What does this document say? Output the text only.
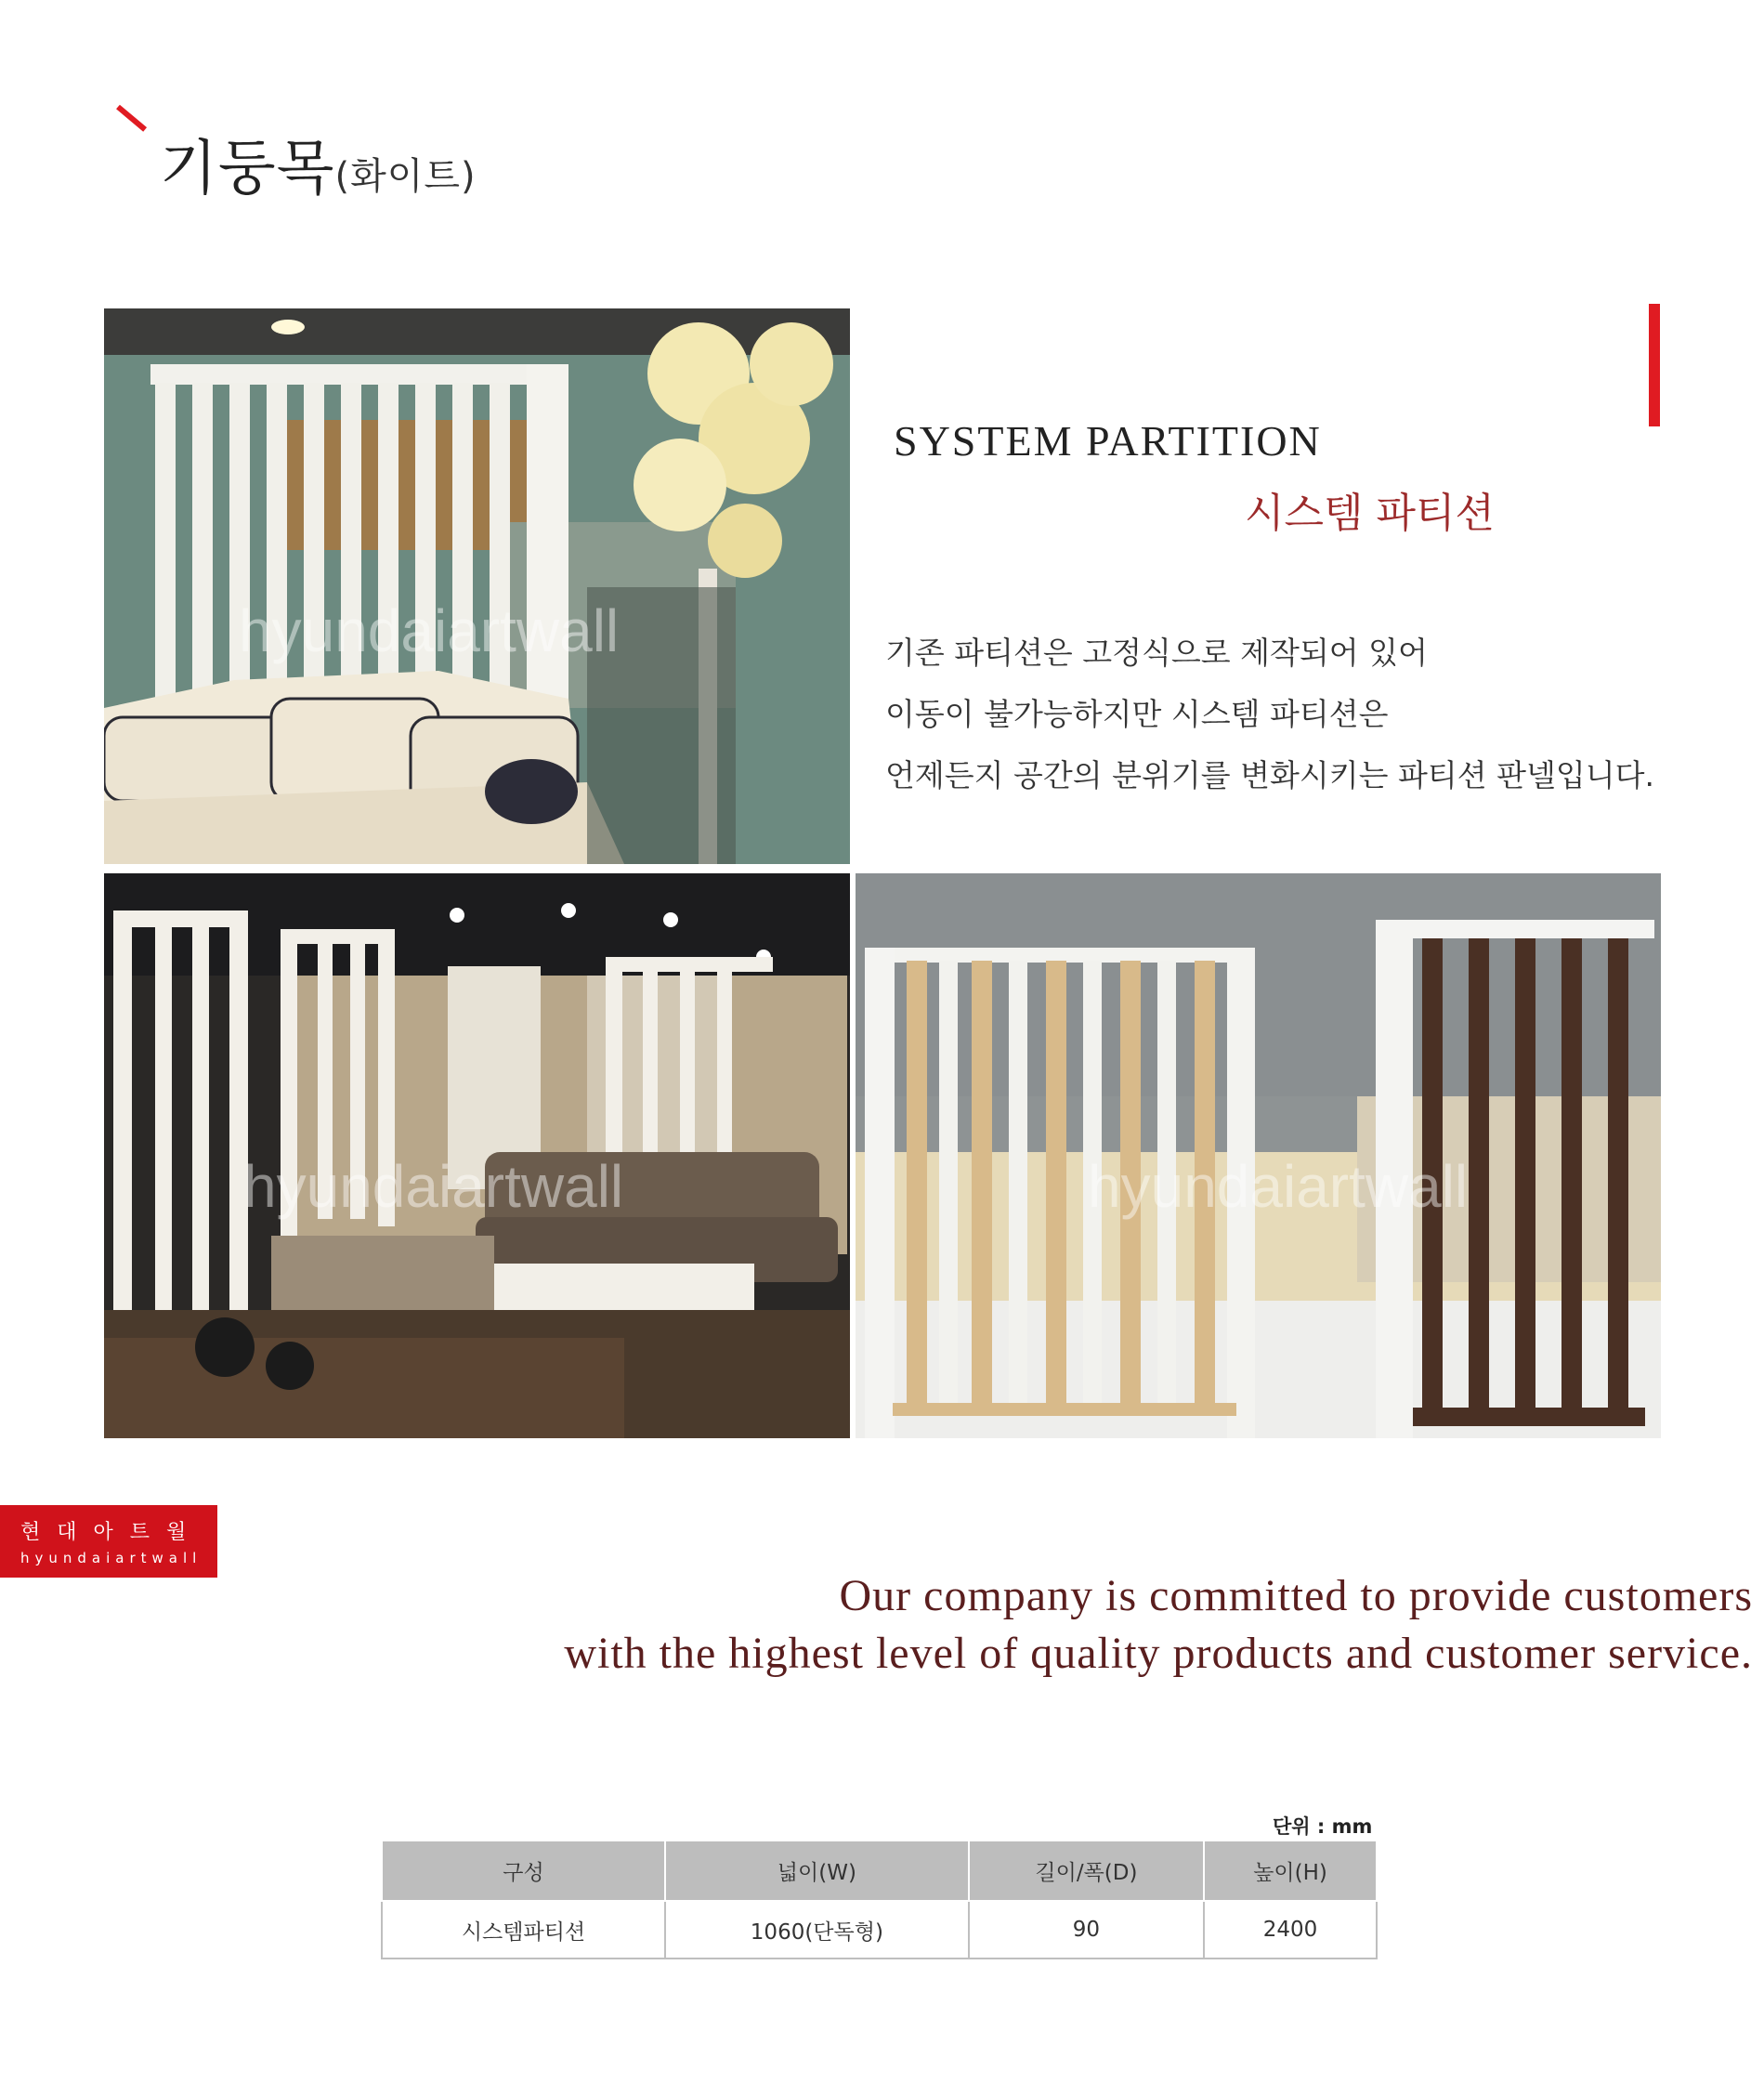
기둥목(화이트)
hyundaiartwall
hyundaiartwall	hyundaiartwall
SYSTEM PARTITION
시스템 파티션
기존 파티션은 고정식으로 제작되어 있어
이동이 불가능하지만 시스템 파티션은
언제든지 공간의 분위기를 변화시키는 파티션 판넬입니다.
현대아트월
hyundaiartwall
Our company is committed to provide customers
with the highest level of quality products and customer service.
단위 : mm
구성	넓이(W)	길이/폭(D)	높이(H)
시스템파티션	1060(단독형)	90	2400
